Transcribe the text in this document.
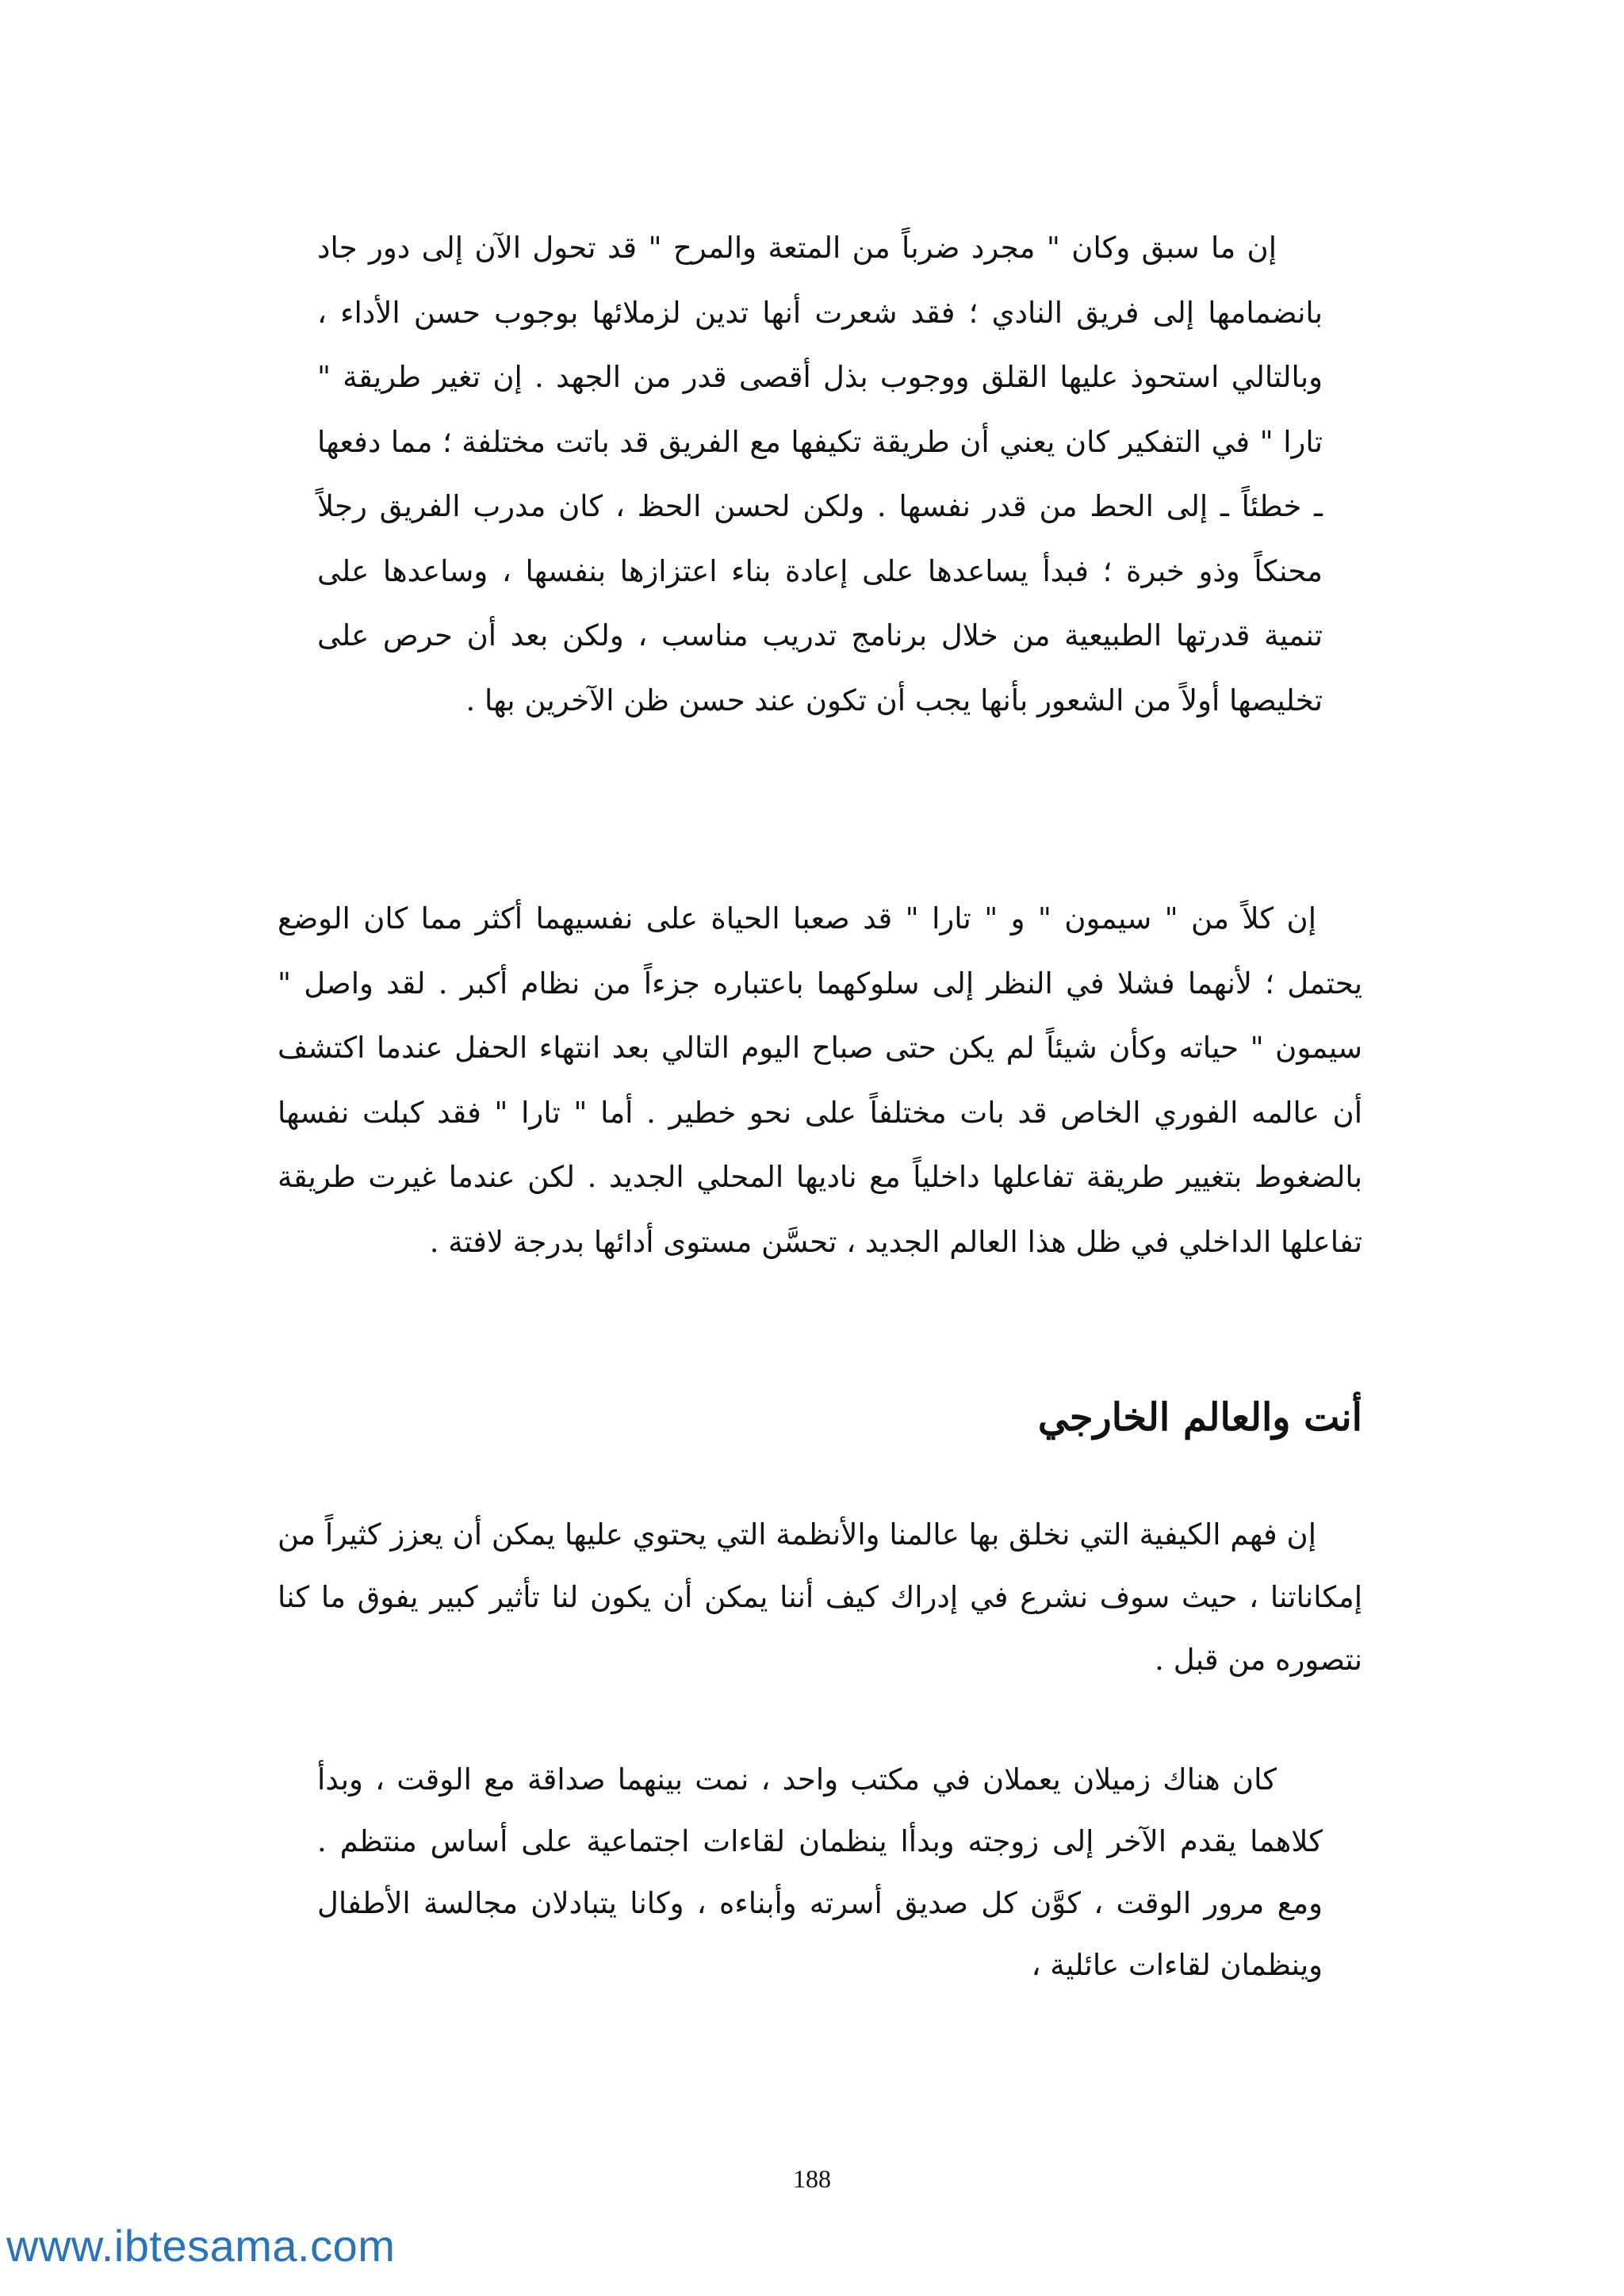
إن ما سبق وكان " مجرد ضرباً من المتعة والمرح " قد تحول الآن إلى دور جاد بانضمامها إلى فريق النادي ؛ فقد شعرت أنها تدين لزملائها بوجوب حسن الأداء ، وبالتالي استحوذ عليها القلق ووجوب بذل أقصى قدر من الجهد . إن تغير طريقة " تارا " في التفكير كان يعني أن طريقة تكيفها مع الفريق قد باتت مختلفة ؛ مما دفعها ـ خطئاً ـ إلى الحط من قدر نفسها . ولكن لحسن الحظ ، كان مدرب الفريق رجلاً محنكاً وذو خبرة ؛ فبدأ يساعدها على إعادة بناء اعتزازها بنفسها ، وساعدها على تنمية قدرتها الطبيعية من خلال برنامج تدريب مناسب ، ولكن بعد أن حرص على تخليصها أولاً من الشعور بأنها يجب أن تكون عند حسن ظن الآخرين بها .

إن كلاً من " سيمون " و " تارا " قد صعبا الحياة على نفسيهما أكثر مما كان الوضع يحتمل ؛ لأنهما فشلا في النظر إلى سلوكهما باعتباره جزءاً من نظام أكبر . لقد واصل " سيمون " حياته وكأن شيئاً لم يكن حتى صباح اليوم التالي بعد انتهاء الحفل عندما اكتشف أن عالمه الفوري الخاص قد بات مختلفاً على نحو خطير . أما " تارا " فقد كبلت نفسها بالضغوط بتغيير طريقة تفاعلها داخلياً مع ناديها المحلي الجديد . لكن عندما غيرت طريقة تفاعلها الداخلي في ظل هذا العالم الجديد ، تحسَّن مستوى أدائها بدرجة لافتة .

أنت والعالم الخارجي

إن فهم الكيفية التي نخلق بها عالمنا والأنظمة التي يحتوي عليها يمكن أن يعزز كثيراً من إمكاناتنا ، حيث سوف نشرع في إدراك كيف أننا يمكن أن يكون لنا تأثير كبير يفوق ما كنا نتصوره من قبل .

كان هناك زميلان يعملان في مكتب واحد ، نمت بينهما صداقة مع الوقت ، وبدأ كلاهما يقدم الآخر إلى زوجته وبدأا ينظمان لقاءات اجتماعية على أساس منتظم . ومع مرور الوقت ، كوَّن كل صديق أسرته وأبناءه ، وكانا يتبادلان مجالسة الأطفال وينظمان لقاءات عائلية ،

188
www.ibtesama.com
